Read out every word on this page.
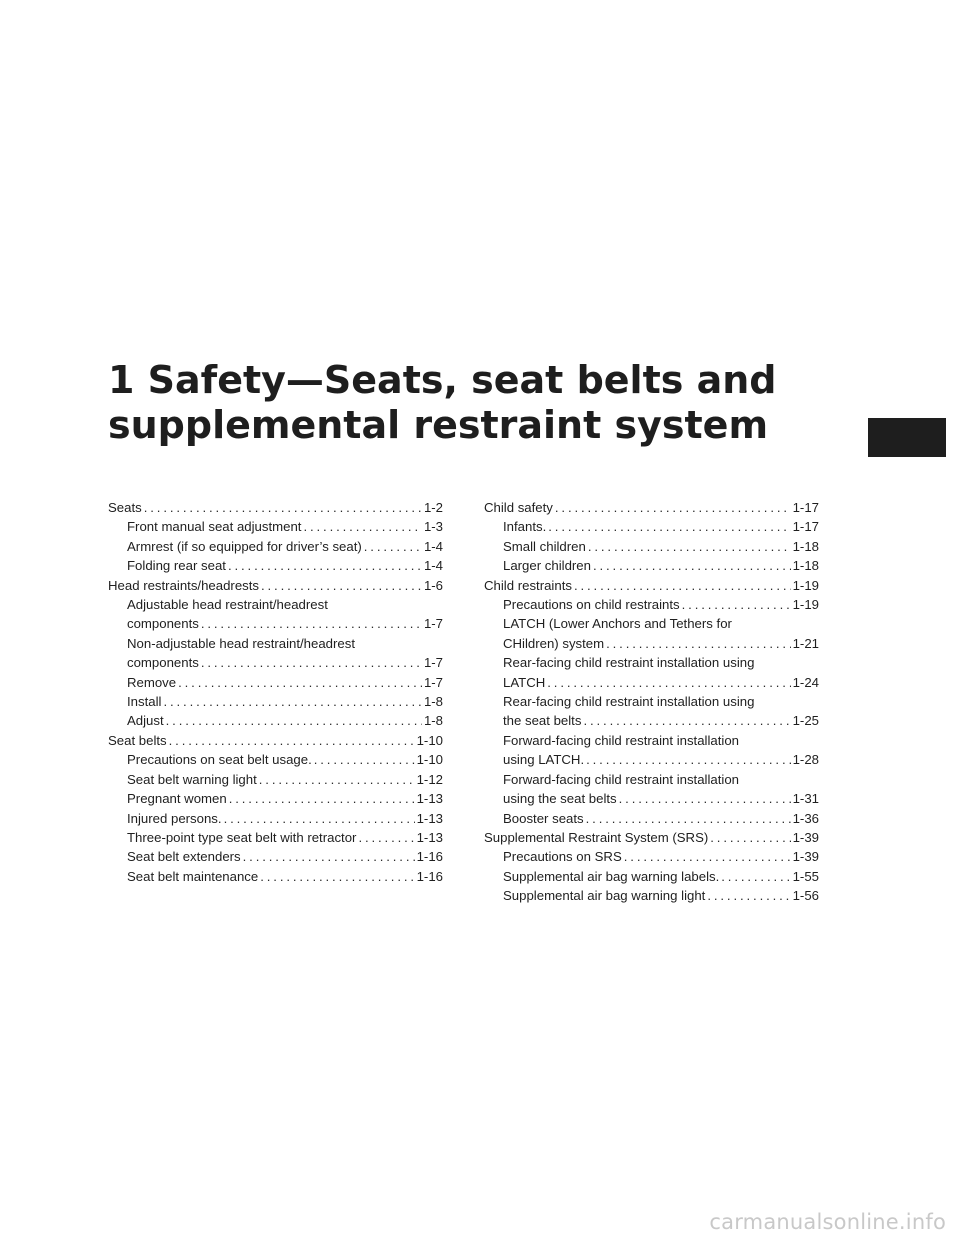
1 Safety—Seats, seat belts and
supplemental restraint system
Seats . . .	1-2
Front manual seat adjustment . . .	1-3
Armrest (if so equipped for driver’s seat) . . .	1-4
Folding rear seat . . .	1-4
Head restraints/headrests . . .	1-6
Adjustable head restraint/headrest
components . . .	1-7
Non-adjustable head restraint/headrest
components . . .	1-7
Remove . . .	1-7
Install . . .	1-8
Adjust . . .	1-8
Seat belts . . .	1-10
Precautions on seat belt usage. . . .	1-10
Seat belt warning light . . .	1-12
Pregnant women . . .	1-13
Injured persons. . . .	1-13
Three-point type seat belt with retractor . . .	1-13
Seat belt extenders . . .	1-16
Seat belt maintenance . . .	1-16
Child safety . . .	1-17
Infants. . . .	1-17
Small children . . .	1-18
Larger children . . .	1-18
Child restraints . . .	1-19
Precautions on child restraints . . .	1-19
LATCH (Lower Anchors and Tethers for
CHildren) system . . .	1-21
Rear-facing child restraint installation using
LATCH . . .	1-24
Rear-facing child restraint installation using
the seat belts . . .	1-25
Forward-facing child restraint installation
using LATCH. . . .	1-28
Forward-facing child restraint installation
using the seat belts . . .	1-31
Booster seats . . .	1-36
Supplemental Restraint System (SRS) . . .	1-39
Precautions on SRS . . .	1-39
Supplemental air bag warning labels. . . .	1-55
Supplemental air bag warning light . . .	1-56
carmanualsonline.info
